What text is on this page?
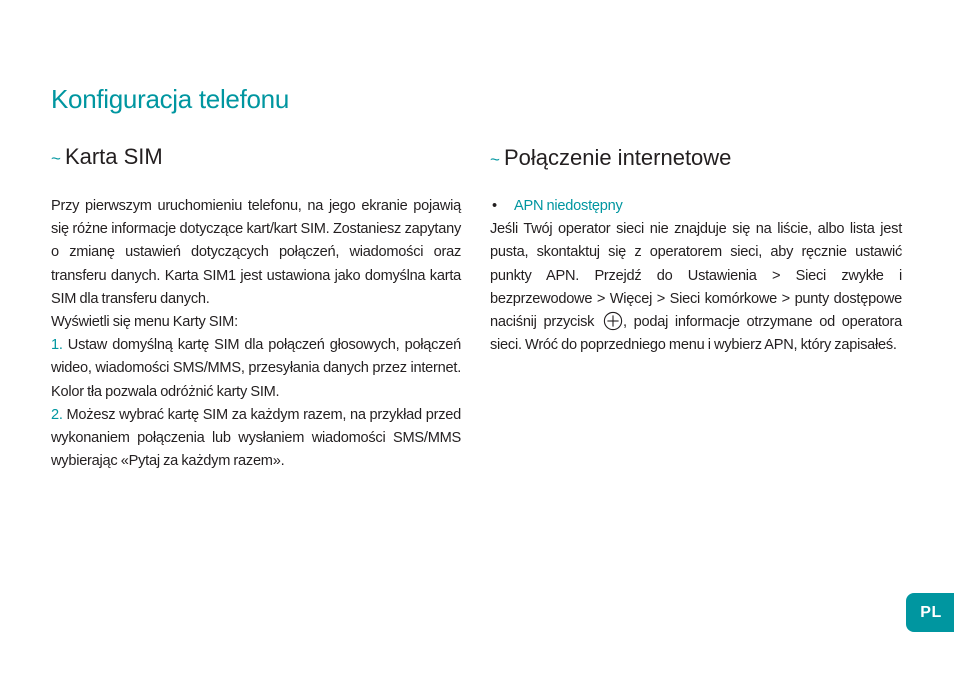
Konfiguracja telefonu
~ Karta SIM

Przy pierwszym uruchomieniu telefonu, na jego ekranie pojawią się różne informacje dotyczące kart/kart SIM. Zostaniesz zapytany o zmianę ustawień dotyczących połączeń, wiadomości oraz transferu danych. Karta SIM1 jest ustawiona jako domyślna karta SIM dla transferu danych.

Wyświetli się menu Karty SIM:

1. Ustaw domyślną kartę SIM dla połączeń głosowych, połączeń wideo, wiadomości SMS/MMS, przesyłania danych przez internet. Kolor tła pozwala odróżnić karty SIM.

2. Możesz wybrać kartę SIM za każdym razem, na przykład przed wykonaniem połączenia lub wysłaniem wiadomości SMS/MMS wybierając «Pytaj za każdym razem».

~ Połączenie internetowe

• APN niedostępny

Jeśli Twój operator sieci nie znajduje się na liście, albo lista jest pusta, skontaktuj się z operatorem sieci, aby ręcznie ustawić punkty APN. Przejdź do Ustawienia > Sieci zwykłe i bezprzewodowe > Więcej > Sieci komórkowe > punty dostępowe naciśnij przycisk , podaj informacje otrzymane od operatora sieci. Wróć do poprzedniego menu i wybierz APN, który zapisałeś.

PL
